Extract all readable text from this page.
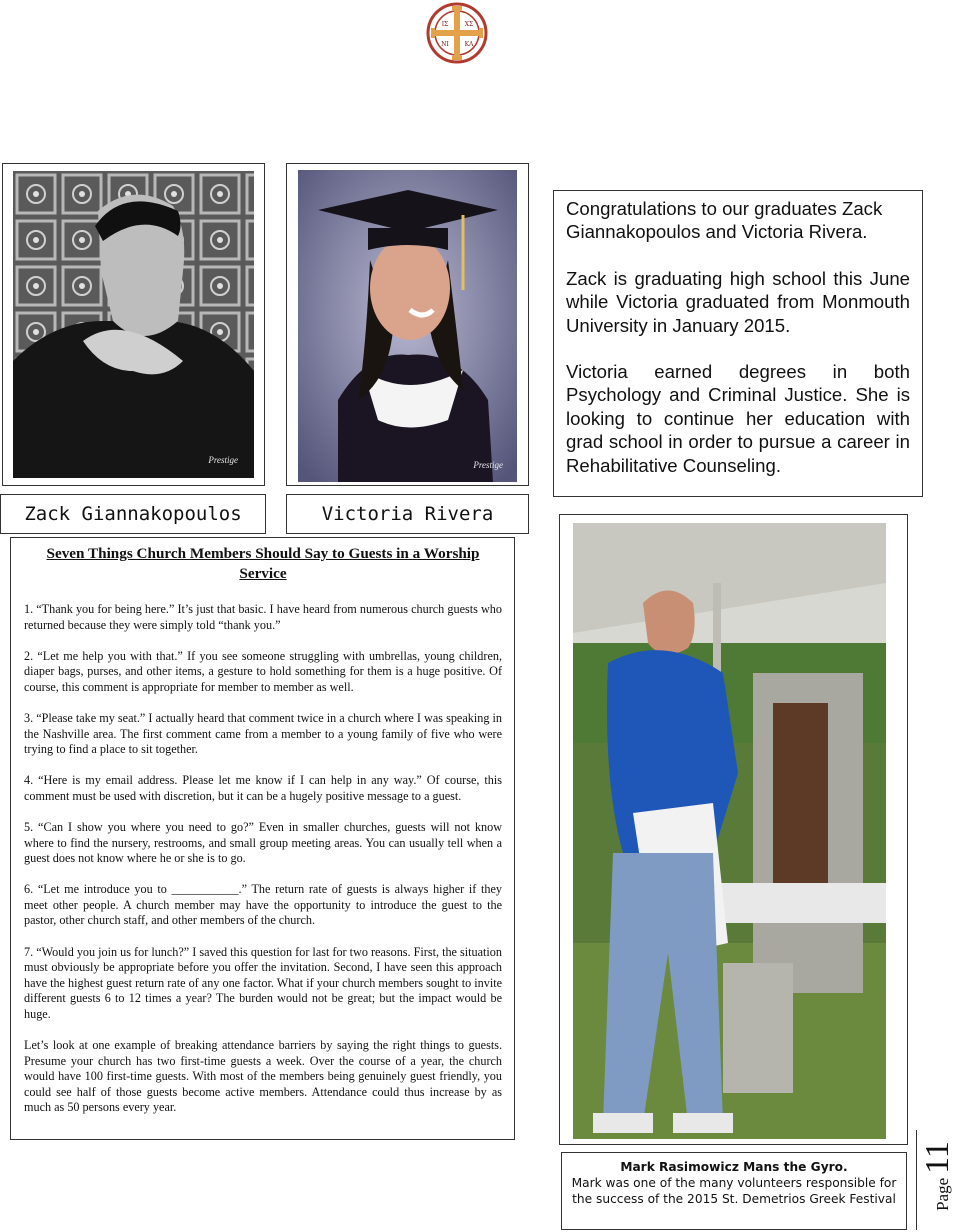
ΙΣ	ΧΣ
ΝΙ	ΚΑ
Prestige	Prestige

Congratulations to our graduates Zack Giannakopoulos and Victoria Rivera.

Zack is graduating high school this June while Victoria graduated from Monmouth University in January 2015.

Victoria earned degrees in both Psychology and Criminal Justice. She is looking to continue her education with grad school in order to pursue a career in Rehabilitative Counseling.

Zack Giannakopoulos	Victoria Rivera
Seven Things Church Members Should Say to Guests in a Worship Service

1. “Thank you for being here.” It’s just that basic. I have heard from numerous church guests who returned because they were simply told “thank you.”

2. “Let me help you with that.” If you see someone struggling with umbrellas, young children, diaper bags, purses, and other items, a gesture to hold something for them is a huge positive. Of course, this comment is appropriate for member to member as well.

3. “Please take my seat.” I actually heard that comment twice in a church where I was speaking in the Nashville area. The first comment came from a member to a young family of five who were trying to find a place to sit together.

4. “Here is my email address. Please let me know if I can help in any way.” Of course, this comment must be used with discretion, but it can be a hugely positive message to a guest.

5. “Can I show you where you need to go?” Even in smaller churches, guests will not know where to find the nursery, restrooms, and small group meeting areas. You can usually tell when a guest does not know where he or she is to go.

6. “Let me introduce you to ___________.” The return rate of guests is always higher if they meet other people. A church member may have the opportunity to introduce the guest to the pastor, other church staff, and other members of the church.

7. “Would you join us for lunch?” I saved this question for last for two reasons. First, the situation must obviously be appropriate before you offer the invitation. Second, I have seen this approach have the highest guest return rate of any one factor. What if your church members sought to invite different guests 6 to 12 times a year? The burden would not be great; but the impact would be huge.

Let’s look at one example of breaking attendance barriers by saying the right things to guests. Presume your church has two first-time guests a week. Over the course of a year, the church would have 100 first-time guests. With most of the members being genuinely guest friendly, you could see half of those guests become active members. Attendance could thus increase by as much as 50 persons every year.

Mark Rasimowicz Mans the Gyro.
Mark was one of the many volunteers responsible for the success of the 2015 St. Demetrios Greek Festival	Page 11
